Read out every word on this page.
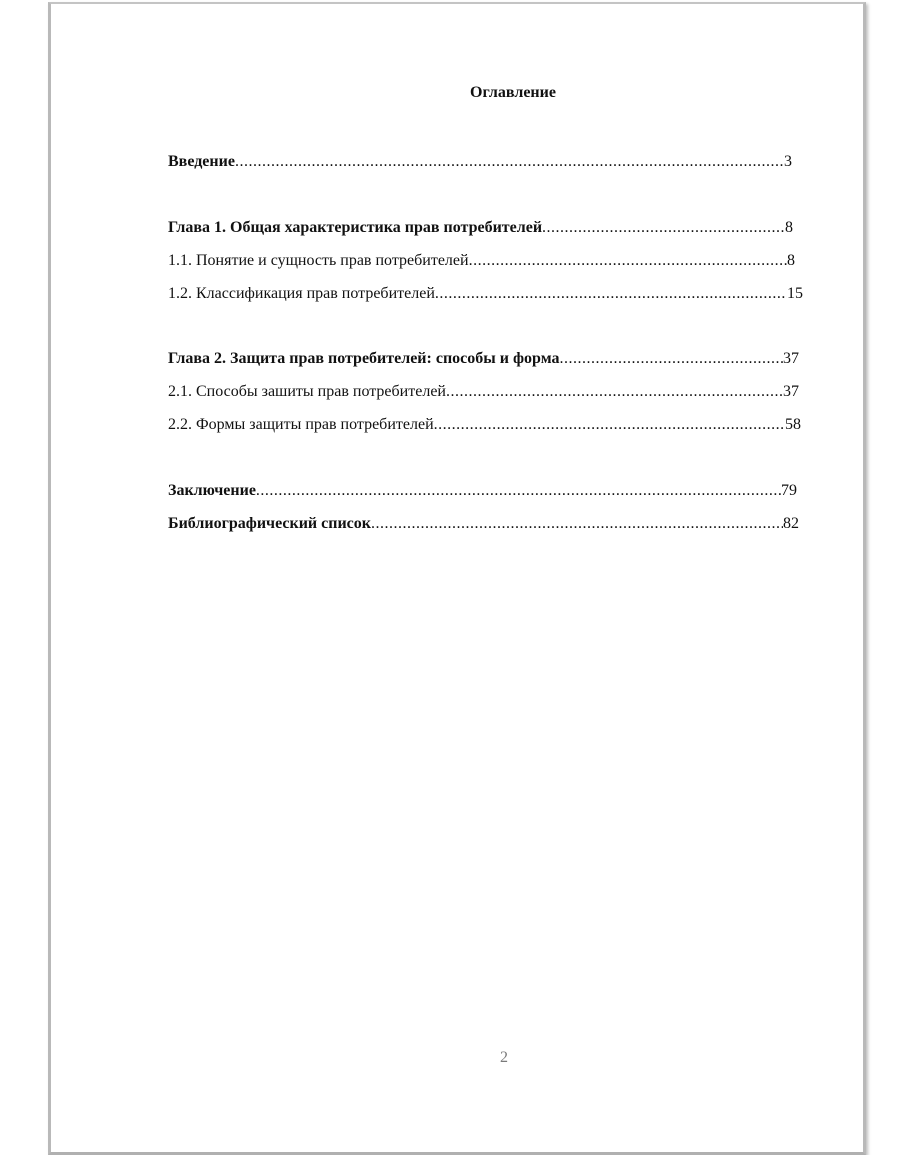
Оглавление
Введение .....	3
Глава 1. Общая характеристика прав потребителей .....	8
1.1. Понятие и сущность прав потребителей .....	8
1.2. Классификация прав потребителей .....	15
Глава 2. Защита прав потребителей: способы и форма .....	37
2.1. Способы зашиты прав потребителей .....	37
2.2. Формы защиты прав потребителей .....	58
Заключение .....	79
Библиографический список .....	82
2
